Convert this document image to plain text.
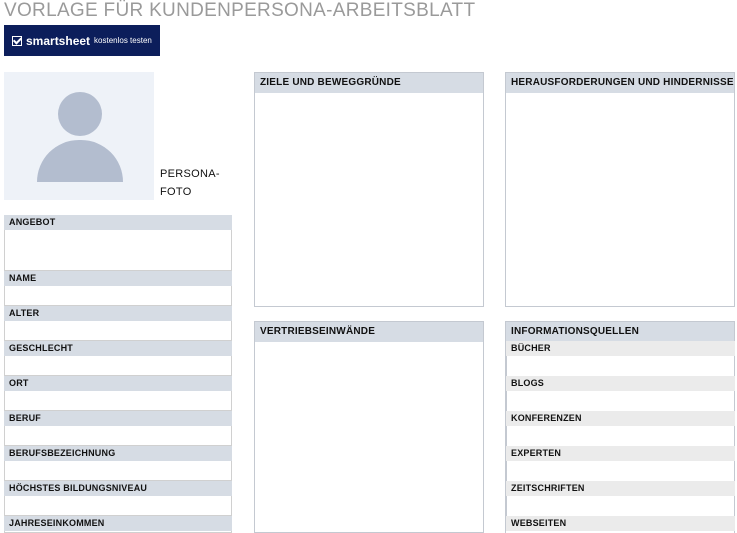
VORLAGE FÜR KUNDENPERSONA-ARBEITSBLATT
smartsheet kostenlos testen
PERSONA-
FOTO
ANGEBOT
NAME
ALTER
GESCHLECHT
ORT
BERUF
BERUFSBEZEICHNUNG
HÖCHSTES BILDUNGSNIVEAU
JAHRESEINKOMMEN
ZIELE UND BEWEGGRÜNDE
VERTRIEBSEINWÄNDE
HERAUSFORDERUNGEN UND HINDERNISSE
INFORMATIONSQUELLEN
BÜCHER
BLOGS
KONFERENZEN
EXPERTEN
ZEITSCHRIFTEN
WEBSEITEN
